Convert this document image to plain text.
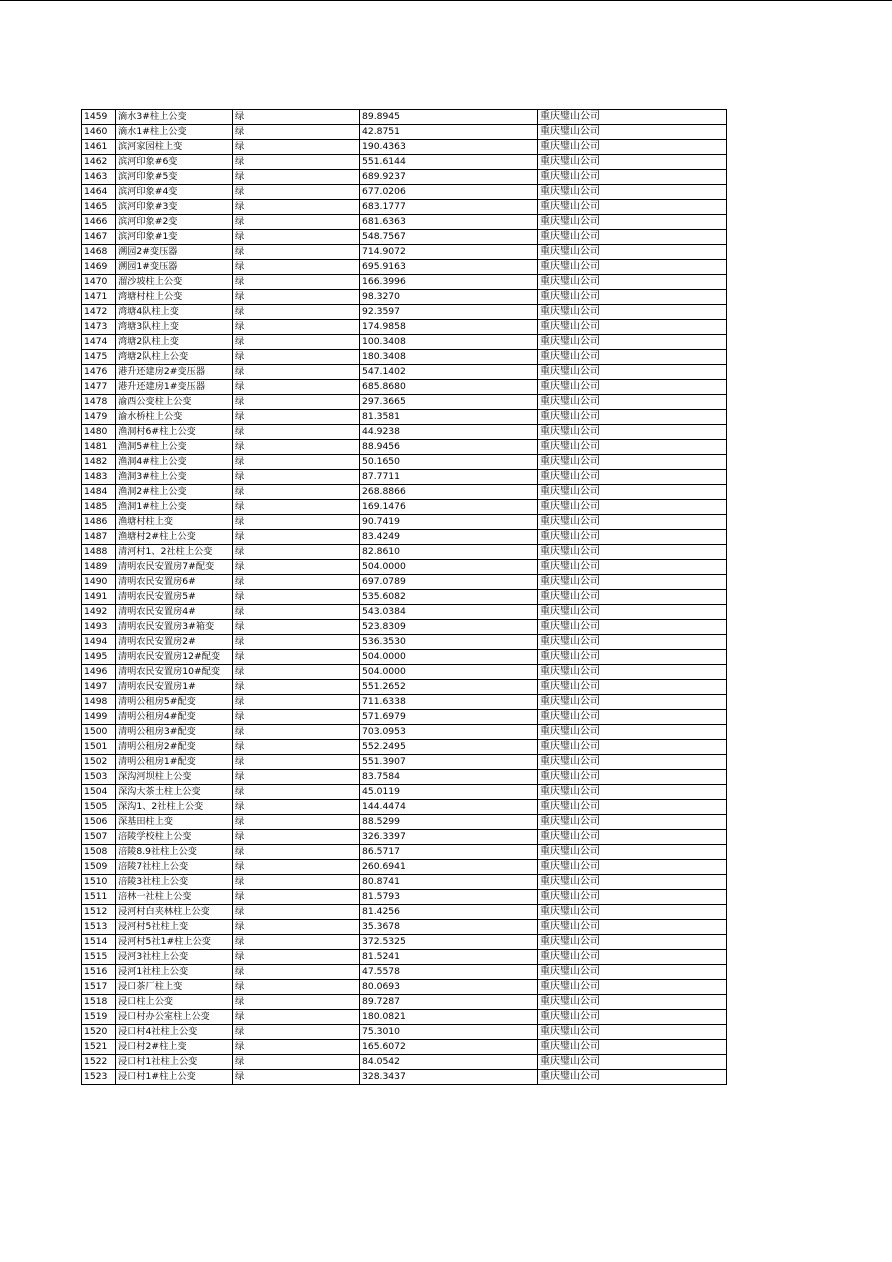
1459	滴水3#柱上公变	绿	89.8945	重庆璧山公司
1460	滴水1#柱上公变	绿	42.8751	重庆璧山公司
1461	滨河家园柱上变	绿	190.4363	重庆璧山公司
1462	滨河印象#6变	绿	551.6144	重庆璧山公司
1463	滨河印象#5变	绿	689.9237	重庆璧山公司
1464	滨河印象#4变	绿	677.0206	重庆璧山公司
1465	滨河印象#3变	绿	683.1777	重庆璧山公司
1466	滨河印象#2变	绿	681.6363	重庆璧山公司
1467	滨河印象#1变	绿	548.7567	重庆璧山公司
1468	溯园2#变压器	绿	714.9072	重庆璧山公司
1469	溯园1#变压器	绿	695.9163	重庆璧山公司
1470	溜沙坡柱上公变	绿	166.3996	重庆璧山公司
1471	湾塘村柱上公变	绿	98.3270	重庆璧山公司
1472	湾塘4队柱上变	绿	92.3597	重庆璧山公司
1473	湾塘3队柱上变	绿	174.9858	重庆璧山公司
1474	湾塘2队柱上变	绿	100.3408	重庆璧山公司
1475	湾塘2队柱上公变	绿	180.3408	重庆璧山公司
1476	港升还建房2#变压器	绿	547.1402	重庆璧山公司
1477	港升还建房1#变压器	绿	685.8680	重庆璧山公司
1478	渝西公变柱上公变	绿	297.3665	重庆璧山公司
1479	渝水桥柱上公变	绿	81.3581	重庆璧山公司
1480	渔洞村6#柱上公变	绿	44.9238	重庆璧山公司
1481	渔洞5#柱上公变	绿	88.9456	重庆璧山公司
1482	渔洞4#柱上公变	绿	50.1650	重庆璧山公司
1483	渔洞3#柱上公变	绿	87.7711	重庆璧山公司
1484	渔洞2#柱上公变	绿	268.8866	重庆璧山公司
1485	渔洞1#柱上公变	绿	169.1476	重庆璧山公司
1486	渔塘村柱上变	绿	90.7419	重庆璧山公司
1487	渔塘村2#柱上公变	绿	83.4249	重庆璧山公司
1488	清河村1、2社柱上公变	绿	82.8610	重庆璧山公司
1489	清明农民安置房7#配变	绿	504.0000	重庆璧山公司
1490	清明农民安置房6#	绿	697.0789	重庆璧山公司
1491	清明农民安置房5#	绿	535.6082	重庆璧山公司
1492	清明农民安置房4#	绿	543.0384	重庆璧山公司
1493	清明农民安置房3#箱变	绿	523.8309	重庆璧山公司
1494	清明农民安置房2#	绿	536.3530	重庆璧山公司
1495	清明农民安置房12#配变	绿	504.0000	重庆璧山公司
1496	清明农民安置房10#配变	绿	504.0000	重庆璧山公司
1497	清明农民安置房1#	绿	551.2652	重庆璧山公司
1498	清明公租房5#配变	绿	711.6338	重庆璧山公司
1499	清明公租房4#配变	绿	571.6979	重庆璧山公司
1500	清明公租房3#配变	绿	703.0953	重庆璧山公司
1501	清明公租房2#配变	绿	552.2495	重庆璧山公司
1502	清明公租房1#配变	绿	551.3907	重庆璧山公司
1503	深沟河坝柱上公变	绿	83.7584	重庆璧山公司
1504	深沟大茶土柱上公变	绿	45.0119	重庆璧山公司
1505	深沟1、2社柱上公变	绿	144.4474	重庆璧山公司
1506	深基田柱上变	绿	88.5299	重庆璧山公司
1507	涪陵学校柱上公变	绿	326.3397	重庆璧山公司
1508	涪陵8.9社柱上公变	绿	86.5717	重庆璧山公司
1509	涪陵7社柱上公变	绿	260.6941	重庆璧山公司
1510	涪陵3社柱上公变	绿	80.8741	重庆璧山公司
1511	涪林一社柱上公变	绿	81.5793	重庆璧山公司
1512	浸河村白夹林柱上公变	绿	81.4256	重庆璧山公司
1513	浸河村5社柱上变	绿	35.3678	重庆璧山公司
1514	浸河村5社1#柱上公变	绿	372.5325	重庆璧山公司
1515	浸河3社柱上公变	绿	81.5241	重庆璧山公司
1516	浸河1社柱上公变	绿	47.5578	重庆璧山公司
1517	浸口茶厂柱上变	绿	80.0693	重庆璧山公司
1518	浸口柱上公变	绿	89.7287	重庆璧山公司
1519	浸口村办公室柱上公变	绿	180.0821	重庆璧山公司
1520	浸口村4社柱上公变	绿	75.3010	重庆璧山公司
1521	浸口村2#柱上变	绿	165.6072	重庆璧山公司
1522	浸口村1社柱上公变	绿	84.0542	重庆璧山公司
1523	浸口村1#柱上公变	绿	328.3437	重庆璧山公司
